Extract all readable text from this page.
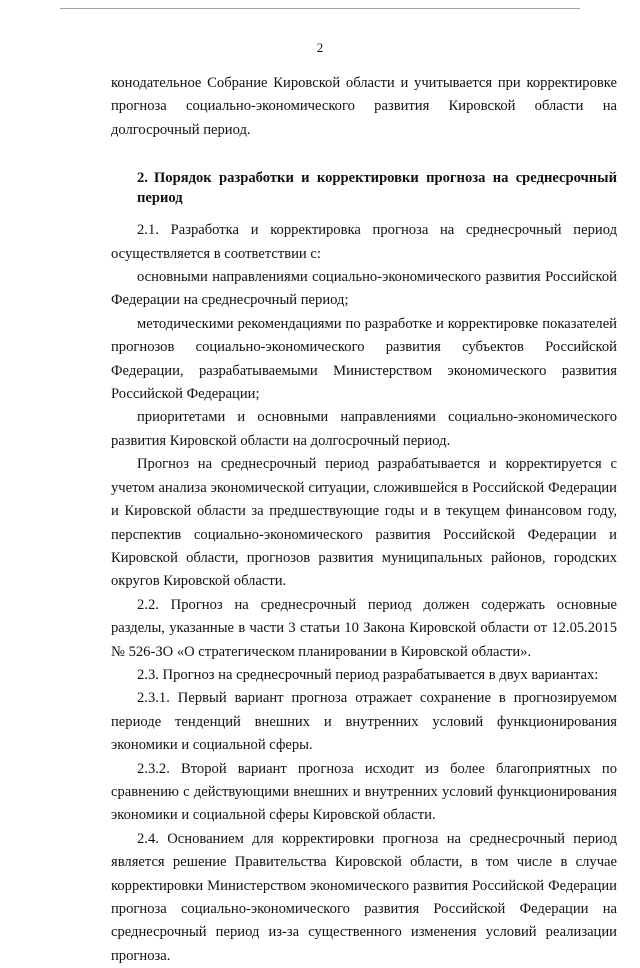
2

конодательное Собрание Кировской области и учитывается при корректировке прогноза социально-экономического развития Кировской области на долгосрочный период.

2. Порядок разработки и корректировки прогноза на среднесрочный период

2.1. Разработка и корректировка прогноза на среднесрочный период осуществляется в соответствии с:

основными направлениями социально-экономического развития Российской Федерации на среднесрочный период;

методическими рекомендациями по разработке и корректировке показателей прогнозов социально-экономического развития субъектов Российской Федерации, разрабатываемыми Министерством экономического развития Российской Федерации;

приоритетами и основными направлениями социально-экономического развития Кировской области на долгосрочный период.

Прогноз на среднесрочный период разрабатывается и корректируется с учетом анализа экономической ситуации, сложившейся в Российской Федерации и Кировской области за предшествующие годы и в текущем финансовом году, перспектив социально-экономического развития Российской Федерации и Кировской области, прогнозов развития муниципальных районов, городских округов Кировской области.

2.2. Прогноз на среднесрочный период должен содержать основные разделы, указанные в части 3 статьи 10 Закона Кировской области от 12.05.2015 № 526-ЗО «О стратегическом планировании в Кировской области».

2.3. Прогноз на среднесрочный период разрабатывается в двух вариантах:

2.3.1. Первый вариант прогноза отражает сохранение в прогнозируемом периоде тенденций внешних и внутренних условий функционирования экономики и социальной сферы.

2.3.2. Второй вариант прогноза исходит из более благоприятных по сравнению с действующими внешних и внутренних условий функционирования экономики и социальной сферы Кировской области.

2.4. Основанием для корректировки прогноза на среднесрочный период является решение Правительства Кировской области, в том числе в случае корректировки Министерством экономического развития Российской Федерации прогноза социально-экономического развития Российской Федерации на среднесрочный период из-за существенного изменения условий реализации прогноза.
